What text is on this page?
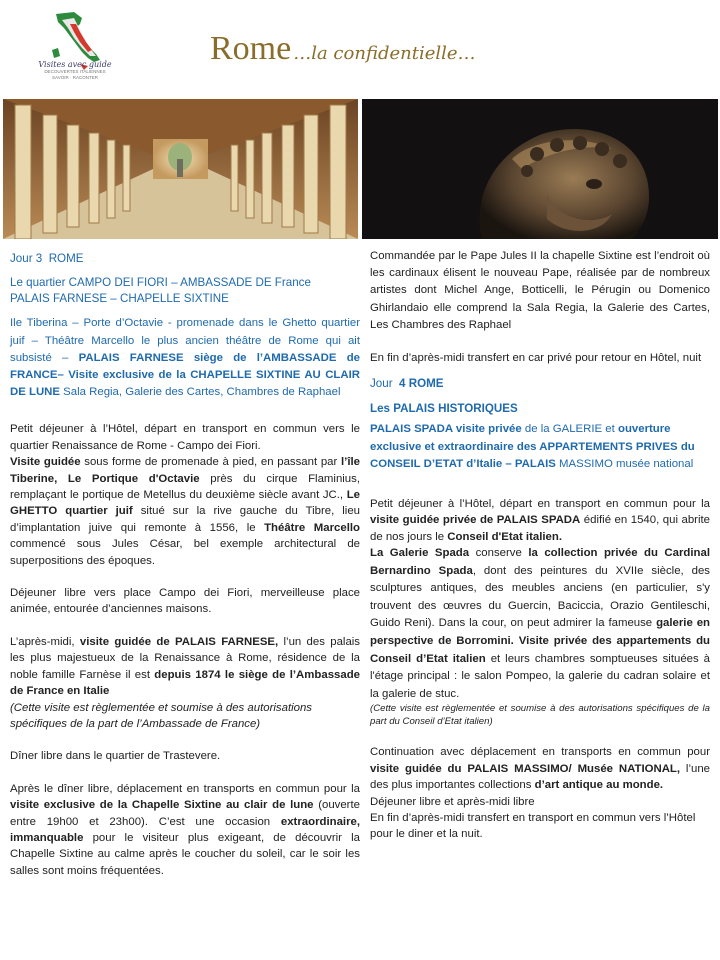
Visites avec guide
DECOUVERTES ITALIENNES
SAVOIR · RACONTER
Rome …la confidentielle…
Jour 3 ROME
Le quartier CAMPO DEI FIORI – AMBASSADE DE France
PALAIS FARNESE – CHAPELLE SIXTINE

Ile Tiberina – Porte d’Octavie - promenade dans le Ghetto quartier juif – Théâtre Marcello le plus ancien théâtre de Rome qui ait subsisté – PALAIS FARNESE siège de l’AMBASSADE de FRANCE– Visite exclusive de la CHAPELLE SIXTINE AU CLAIR DE LUNE Sala Regia, Galerie des Cartes, Chambres de Raphael

Petit déjeuner à l’Hôtel, départ en transport en commun vers le quartier Renaissance de Rome - Campo dei Fiori.

Visite guidée sous forme de promenade à pied, en passant par l’île Tiberine, Le Portique d'Octavie près du cirque Flaminius, remplaçant le portique de Metellus du deuxième siècle avant JC., Le GHETTO quartier juif situé sur la rive gauche du Tibre, lieu d’implantation juive qui remonte à 1556, le Théâtre Marcello commencé sous Jules César, bel exemple architectural de superpositions des époques.

Déjeuner libre vers place Campo dei Fiori, merveilleuse place animée, entourée d’anciennes maisons.

L’après-midi, visite guidée de PALAIS FARNESE, l’un des palais les plus majestueux de la Renaissance à Rome, résidence de la noble famille Farnèse il est depuis 1874 le siège de l’Ambassade de France en Italie

(Cette visite est règlementée et soumise à des autorisations spécifiques de la part de l’Ambassade de France)

Dîner libre dans le quartier de Trastevere.

Après le dîner libre, déplacement en transports en commun pour la visite exclusive de la Chapelle Sixtine au clair de lune (ouverte entre 19h00 et 23h00). C’est une occasion extraordinaire, immanquable pour le visiteur plus exigeant, de découvrir la Chapelle Sixtine au calme après le coucher du soleil, car le soir les salles sont moins fréquentées.

Commandée par le Pape Jules II la chapelle Sixtine est l’endroit où les cardinaux élisent le nouveau Pape, réalisée par de nombreux artistes dont Michel Ange, Botticelli, le Pérugin ou Domenico Ghirlandaio elle comprend la Sala Regia, la Galerie des Cartes, Les Chambres des Raphael

En fin d’après-midi transfert en car privé pour retour en Hôtel, nuit

Jour 4 ROME
Les PALAIS HISTORIQUES

PALAIS SPADA visite privée de la GALERIE et ouverture exclusive et extraordinaire des APPARTEMENTS PRIVES du CONSEIL D’ETAT d’Italie – PALAIS MASSIMO musée national

Petit déjeuner à l’Hôtel, départ en transport en commun pour la visite guidée privée de PALAIS SPADA édifié en 1540, qui abrite de nos jours le Conseil d'Etat italien.

La Galerie Spada conserve la collection privée du Cardinal Bernardino Spada, dont des peintures du XVIIe siècle, des sculptures antiques, des meubles anciens (en particulier, s'y trouvent des œuvres du Guercin, Baciccia, Orazio Gentileschi, Guido Reni). Dans la cour, on peut admirer la fameuse galerie en perspective de Borromini. Visite privée des appartements du Conseil d’Etat italien et leurs chambres somptueuses situées à l'étage principal : le salon Pompeo, la galerie du cadran solaire et la galerie de stuc.

(Cette visite est règlementée et soumise à des autorisations spécifiques de la part du Conseil d’Etat italien)

Continuation avec déplacement en transports en commun pour visite guidée du PALAIS MASSIMO/ Musée NATIONAL, l’une des plus importantes collections d’art antique au monde.

Déjeuner libre et après-midi libre

En fin d’après-midi transfert en transport en commun vers l’Hôtel pour le diner et la nuit.
